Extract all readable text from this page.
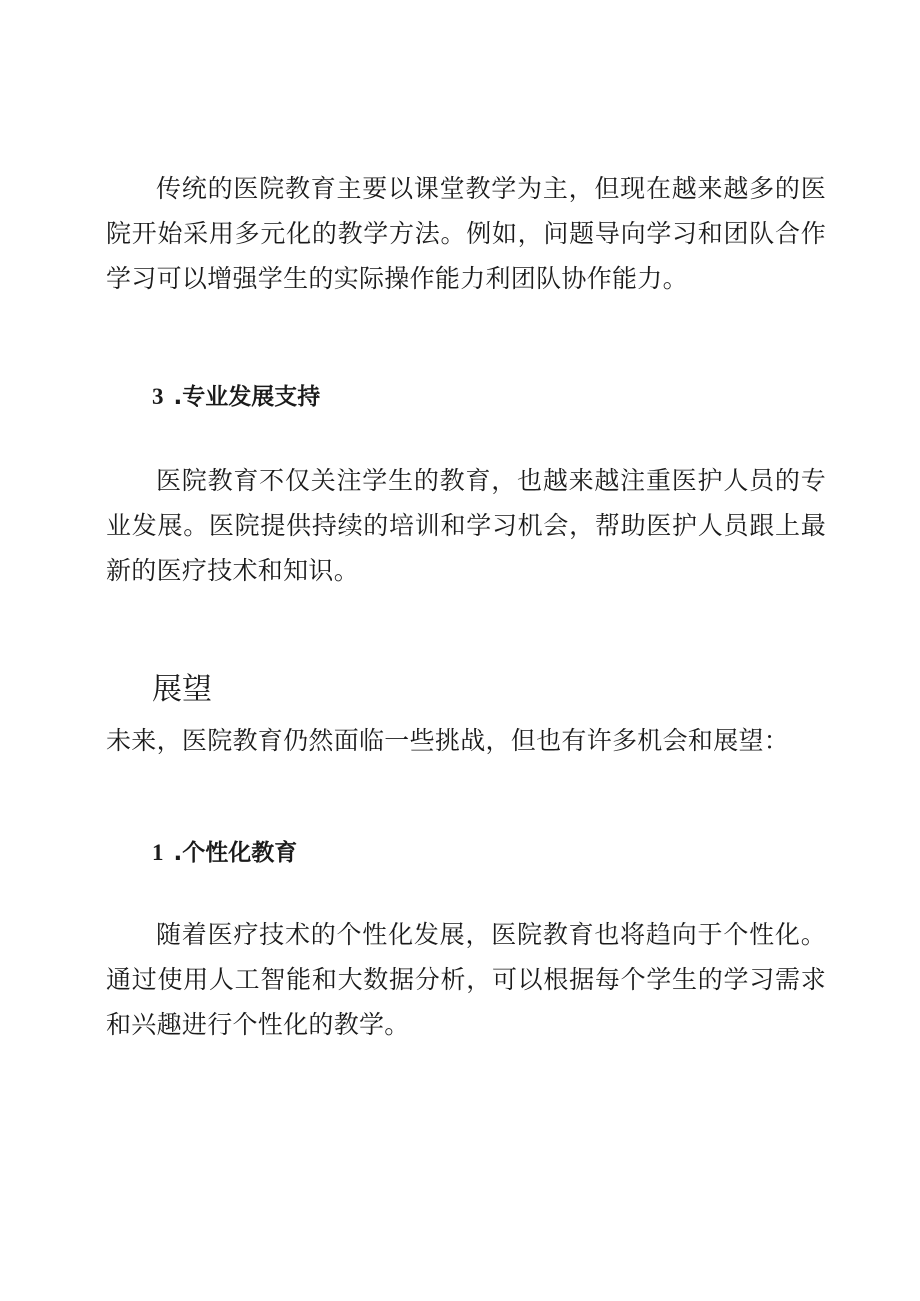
传统的医院教育主要以课堂教学为主，但现在越来越多的医院开始采用多元化的教学方法。例如，问题导向学习和团队合作学习可以增强学生的实际操作能力利团队协作能力。

3 .专业发展支持

医院教育不仅关注学生的教育，也越来越注重医护人员的专业发展。医院提供持续的培训和学习机会，帮助医护人员跟上最新的医疗技术和知识。

展望

未来，医院教育仍然面临一些挑战，但也有许多机会和展望：

1 .个性化教育

随着医疗技术的个性化发展，医院教育也将趋向于个性化。通过使用人工智能和大数据分析，可以根据每个学生的学习需求和兴趣进行个性化的教学。
